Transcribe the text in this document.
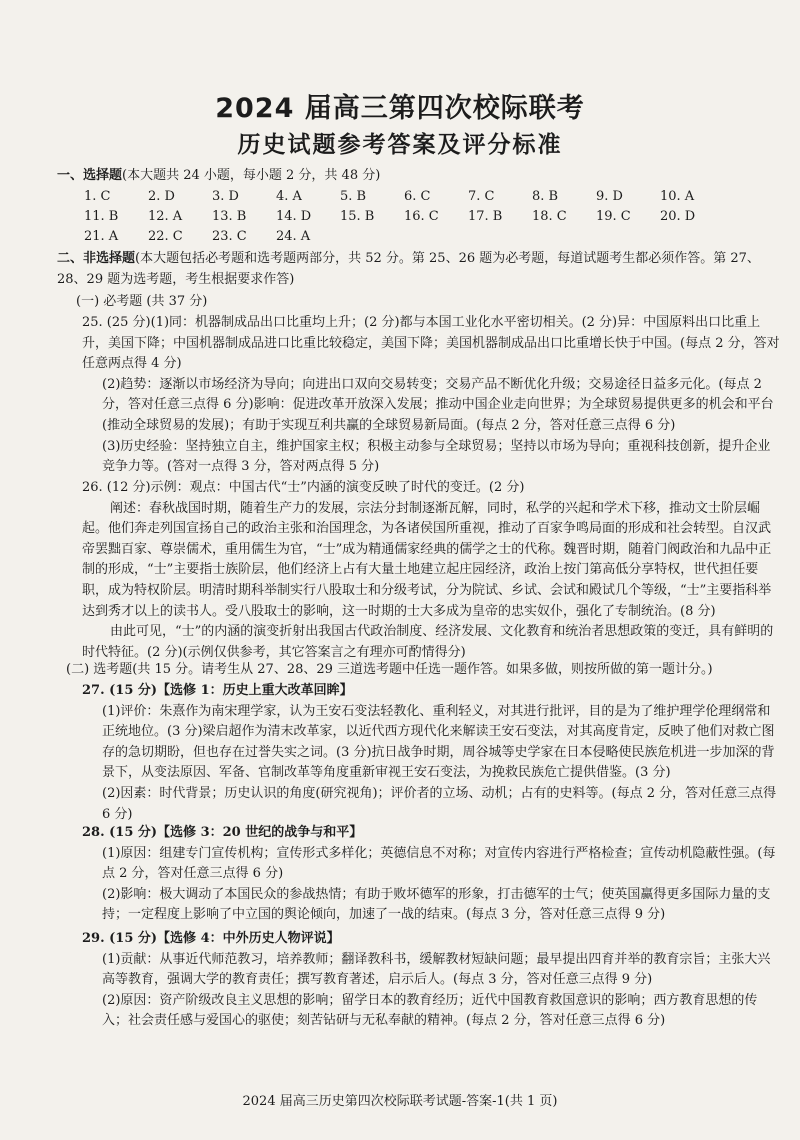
2024 届高三第四次校际联考
历史试题参考答案及评分标准
一、选择题(本大题共 24 小题，每小题 2 分，共 48 分)
1. C	2. D	3. D	4. A	5. B	6. C	7. C	8. B	9. D	10. A
11. B	12. A	13. B	14. D	15. B	16. C	17. B	18. C	19. C	20. D
21. A	22. C	23. C	24. A
二、非选择题(本大题包括必考题和选考题两部分，共 52 分。第 25、26 题为必考题，每道试题考生都必须作答。第 27、28、29 题为选考题，考生根据要求作答)
(一) 必考题 (共 37 分)
25. (25 分)(1)同：机器制成品出口比重均上升；(2 分)都与本国工业化水平密切相关。(2 分)异：中国原料出口比重上升，美国下降；中国机器制成品进口比重比较稳定，美国下降；美国机器制成品出口比重增长快于中国。(每点 2 分，答对任意两点得 4 分)
(2)趋势：逐渐以市场经济为导向；向进出口双向交易转变；交易产品不断优化升级；交易途径日益多元化。(每点 2 分，答对任意三点得 6 分)影响：促进改革开放深入发展；推动中国企业走向世界；为全球贸易提供更多的机会和平台(推动全球贸易的发展)；有助于实现互利共赢的全球贸易新局面。(每点 2 分，答对任意三点得 6 分)
(3)历史经验：坚持独立自主，维护国家主权；积极主动参与全球贸易；坚持以市场为导向；重视科技创新，提升企业竞争力等。(答对一点得 3 分，答对两点得 5 分)
26. (12 分)示例：观点：中国古代“士”内涵的演变反映了时代的变迁。(2 分)
阐述：春秋战国时期，随着生产力的发展，宗法分封制逐渐瓦解，同时，私学的兴起和学术下移，推动文士阶层崛起。他们奔走列国宣扬自己的政治主张和治国理念，为各诸侯国所重视，推动了百家争鸣局面的形成和社会转型。自汉武帝罢黜百家、尊崇儒术，重用儒生为官，“士”成为精通儒家经典的儒学之士的代称。魏晋时期，随着门阀政治和九品中正制的形成，“士”主要指士族阶层，他们经济上占有大量土地建立起庄园经济，政治上按门第高低分享特权，世代担任要职，成为特权阶层。明清时期科举制实行八股取士和分级考试，分为院试、乡试、会试和殿试几个等级，“士”主要指科举达到秀才以上的读书人。受八股取士的影响，这一时期的士大多成为皇帝的忠实奴仆，强化了专制统治。(8 分)
由此可见，“士”的内涵的演变折射出我国古代政治制度、经济发展、文化教育和统治者思想政策的变迁，具有鲜明的时代特征。(2 分)(示例仅供参考，其它答案言之有理亦可酌情得分)
(二) 选考题(共 15 分。请考生从 27、28、29 三道选考题中任选一题作答。如果多做，则按所做的第一题计分。)
27. (15 分)【选修 1：历史上重大改革回眸】
(1)评价：朱熹作为南宋理学家，认为王安石变法轻教化、重利轻义，对其进行批评，目的是为了维护理学伦理纲常和正统地位。(3 分)梁启超作为清末改革家，以近代西方现代化来解读王安石变法，对其高度肯定，反映了他们对救亡图存的急切期盼，但也存在过誉失实之词。(3 分)抗日战争时期，周谷城等史学家在日本侵略使民族危机进一步加深的背景下，从变法原因、军备、官制改革等角度重新审视王安石变法，为挽救民族危亡提供借鉴。(3 分)
(2)因素：时代背景；历史认识的角度(研究视角)；评价者的立场、动机；占有的史料等。(每点 2 分，答对任意三点得 6 分)
28. (15 分)【选修 3：20 世纪的战争与和平】
(1)原因：组建专门宣传机构；宣传形式多样化；英德信息不对称；对宣传内容进行严格检查；宣传动机隐蔽性强。(每点 2 分，答对任意三点得 6 分)
(2)影响：极大调动了本国民众的参战热情；有助于败坏德军的形象，打击德军的士气；使英国赢得更多国际力量的支持；一定程度上影响了中立国的舆论倾向，加速了一战的结束。(每点 3 分，答对任意三点得 9 分)
29. (15 分)【选修 4：中外历史人物评说】
(1)贡献：从事近代师范教习，培养教师；翻译教科书，缓解教材短缺问题；最早提出四育并举的教育宗旨；主张大兴高等教育，强调大学的教育责任；撰写教育著述，启示后人。(每点 3 分，答对任意三点得 9 分)
(2)原因：资产阶级改良主义思想的影响；留学日本的教育经历；近代中国教育救国意识的影响；西方教育思想的传入；社会责任感与爱国心的驱使；刻苦钻研与无私奉献的精神。(每点 2 分，答对任意三点得 6 分)
2024 届高三历史第四次校际联考试题-答案-1(共 1 页)
